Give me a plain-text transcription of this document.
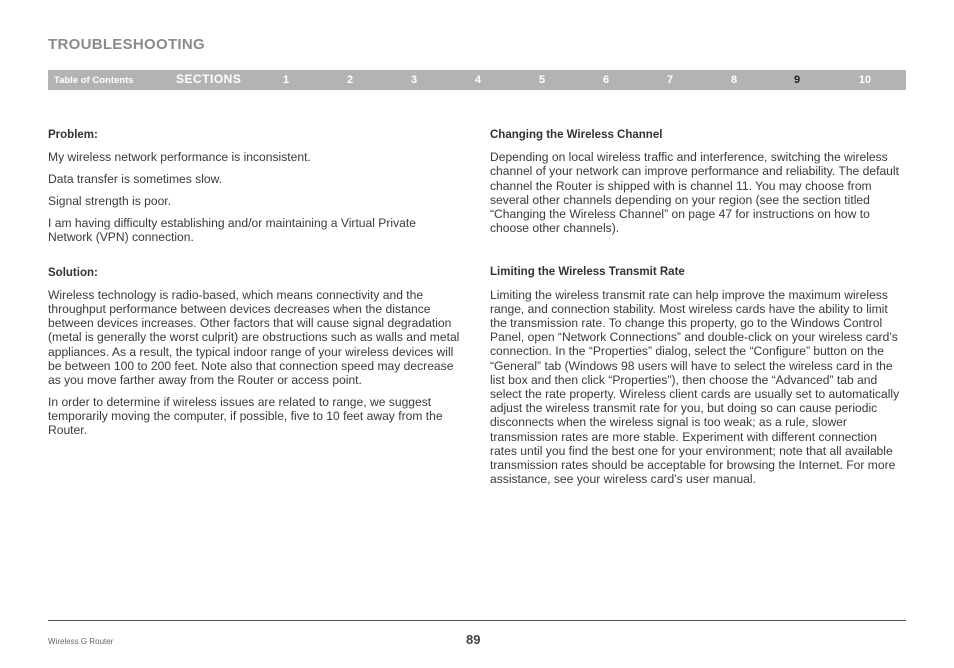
TROUBLESHOOTING
Table of Contents	SECTIONS	1	2	3	4	5	6	7	8	9	10
Problem:

My wireless network performance is inconsistent.

Data transfer is sometimes slow.

Signal strength is poor.

I am having difficulty establishing and/or maintaining a Virtual Private Network (VPN) connection.

Solution:

Wireless technology is radio-based, which means connectivity and the throughput performance between devices decreases when the distance between devices increases. Other factors that will cause signal degradation (metal is generally the worst culprit) are obstructions such as walls and metal appliances. As a result, the typical indoor range of your wireless devices will be between 100 to 200 feet. Note also that connection speed may decrease as you move farther away from the Router or access point.

In order to determine if wireless issues are related to range, we suggest temporarily moving the computer, if possible, five to 10 feet away from the Router.

Changing the Wireless Channel

Depending on local wireless traffic and interference, switching the wireless channel of your network can improve performance and reliability. The default channel the Router is shipped with is channel 11. You may choose from several other channels depending on your region (see the section titled “Changing the Wireless Channel” on page 47 for instructions on how to choose other channels).

Limiting the Wireless Transmit Rate

Limiting the wireless transmit rate can help improve the maximum wireless range, and connection stability. Most wireless cards have the ability to limit the transmission rate. To change this property, go to the Windows Control Panel, open “Network Connections” and double-click on your wireless card’s connection. In the “Properties” dialog, select the “Configure” button on the “General” tab (Windows 98 users will have to select the wireless card in the list box and then click “Properties”), then choose the “Advanced” tab and select the rate property. Wireless client cards are usually set to automatically adjust the wireless transmit rate for you, but doing so can cause periodic disconnects when the wireless signal is too weak; as a rule, slower transmission rates are more stable. Experiment with different connection rates until you find the best one for your environment; note that all available transmission rates should be acceptable for browsing the Internet. For more assistance, see your wireless card’s user manual.

Wireless G Router	89
